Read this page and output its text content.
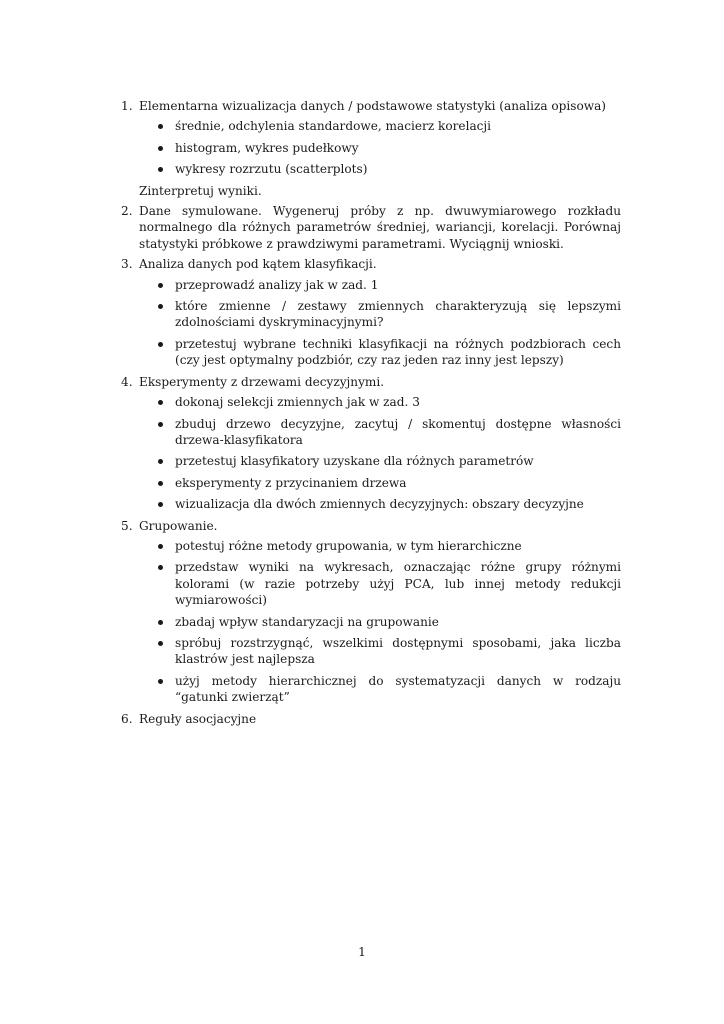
1. Elementarna wizualizacja danych / podstawowe statystyki (analiza opisowa)
średnie, odchylenia standardowe, macierz korelacji
histogram, wykres pudełkowy
wykresy rozrzutu (scatterplots)
Zinterpretuj wyniki.
2. Dane symulowane. Wygeneruj próby z np. dwuwymiarowego rozkładu normalnego dla różnych parametrów średniej, wariancji, korelacji. Porównaj statystyki próbkowe z prawdziwymi parametrami. Wyciągnij wnioski.
3. Analiza danych pod kątem klasyfikacji.
przeprowadź analizy jak w zad. 1
które zmienne / zestawy zmiennych charakteryzują się lepszymi zdolnościami dyskryminacyjnymi?
przetestuj wybrane techniki klasyfikacji na różnych podzbiorach cech (czy jest optymalny podzbiór, czy raz jeden raz inny jest lepszy)
4. Eksperymenty z drzewami decyzyjnymi.
dokonaj selekcji zmiennych jak w zad. 3
zbuduj drzewo decyzyjne, zacytuj / skomentuj dostępne własności drzewa-klasyfikatora
przetestuj klasyfikatory uzyskane dla różnych parametrów
eksperymenty z przycinaniem drzewa
wizualizacja dla dwóch zmiennych decyzyjnych: obszary decyzyjne
5. Grupowanie.
potestuj różne metody grupowania, w tym hierarchiczne
przedstaw wyniki na wykresach, oznaczając różne grupy różnymi kolorami (w razie potrzeby użyj PCA, lub innej metody redukcji wymiarowości)
zbadaj wpływ standaryzacji na grupowanie
spróbuj rozstrzygnąć, wszelkimi dostępnymi sposobami, jaka liczba klastrów jest najlepsza
użyj metody hierarchicznej do systematyzacji danych w rodzaju “gatunki zwierząt”
6. Reguły asocjacyjne
1
